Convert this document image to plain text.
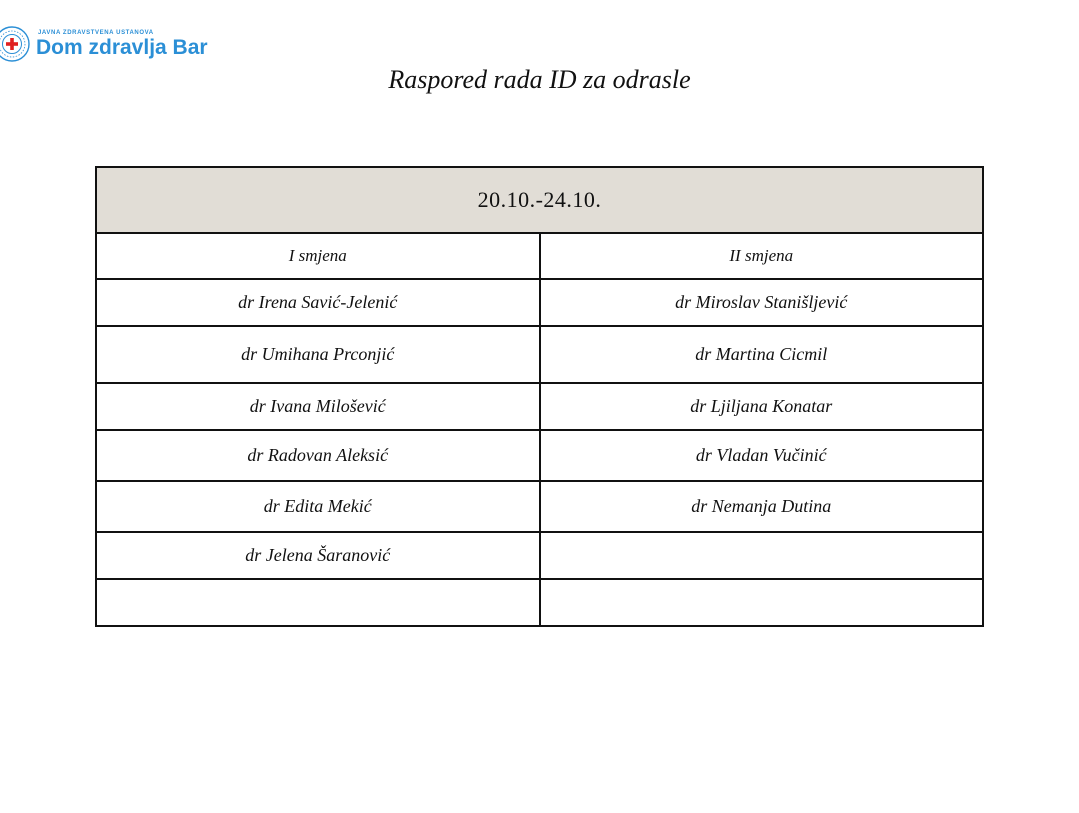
JAVNA ZDRAVSTVENA USTANOVA
Dom zdravlja Bar
Raspored rada ID za odrasle
20.10.-24.10.	
I smjena	II smjena
dr Irena Savić-Jelenić	dr Miroslav Stanišljević
dr Umihana Prconjić	dr Martina Cicmil
dr Ivana Milošević	dr Ljiljana Konatar
dr Radovan Aleksić	dr Vladan Vučinić
dr Edita Mekić	dr Nemanja Dutina
dr Jelena Šaranović	
